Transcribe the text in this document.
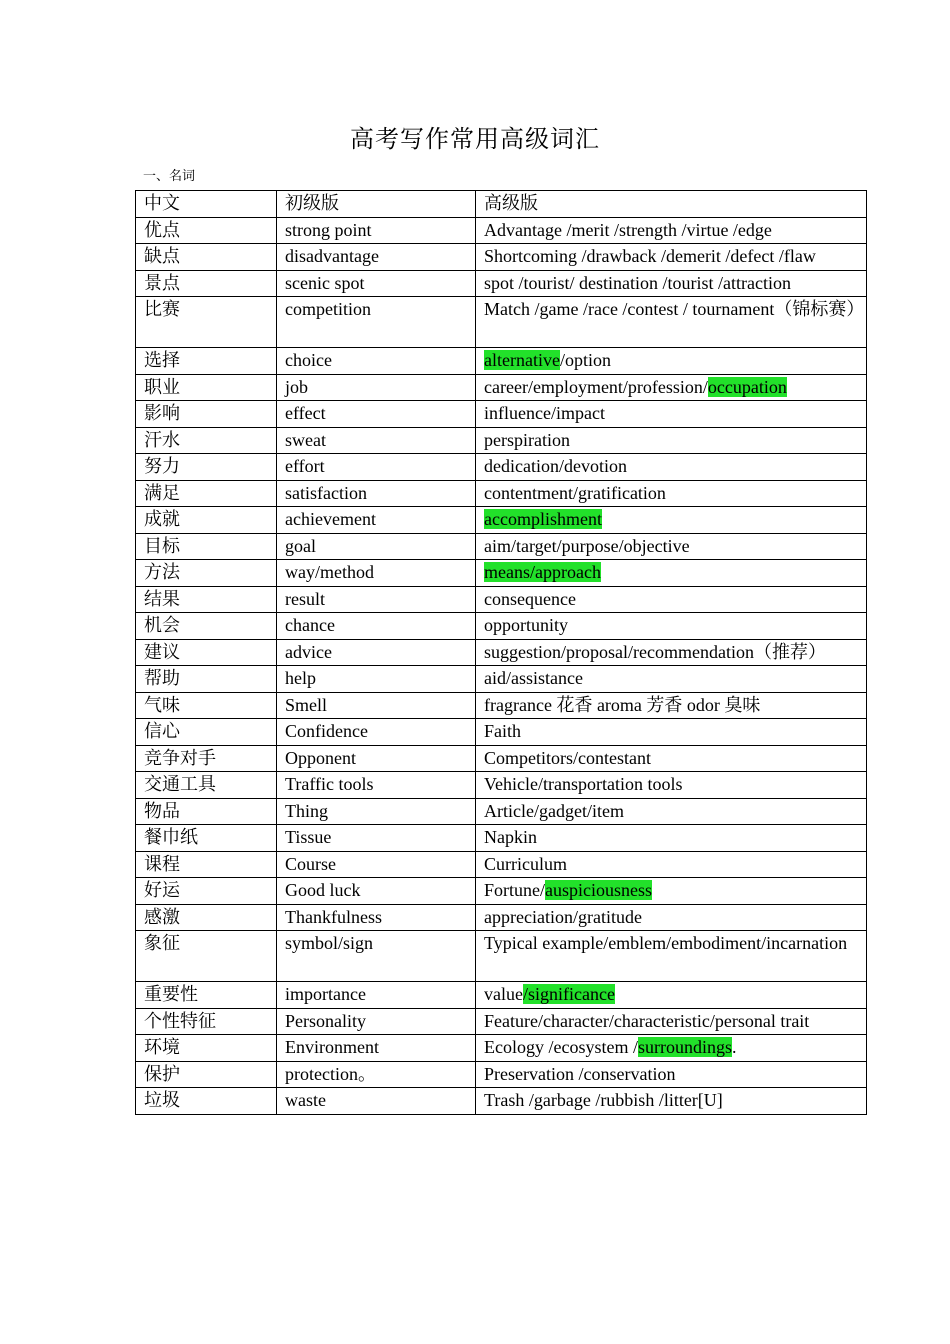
高考写作常用高级词汇
一、名词
中文	初级版	高级版
优点	strong point	Advantage /merit /strength /virtue /edge
缺点	disadvantage	Shortcoming /drawback /demerit /defect /flaw
景点	scenic spot	spot /tourist/ destination /tourist /attraction
比赛	competition	Match /game /race /contest / tournament（锦标赛）
选择	choice	alternative/option
职业	job	career/employment/profession/occupation
影响	effect	influence/impact
汗水	sweat	perspiration
努力	effort	dedication/devotion
满足	satisfaction	contentment/gratification
成就	achievement	accomplishment
目标	goal	aim/target/purpose/objective
方法	way/method	means/approach
结果	result	consequence
机会	chance	opportunity
建议	advice	suggestion/proposal/recommendation（推荐）
帮助	help	aid/assistance
气味	Smell	fragrance 花香 aroma 芳香 odor 臭味
信心	Confidence	Faith
竞争对手	Opponent	Competitors/contestant
交通工具	Traffic tools	Vehicle/transportation tools
物品	Thing	Article/gadget/item
餐巾纸	Tissue	Napkin
课程	Course	Curriculum
好运	Good luck	Fortune/auspiciousness
感激	Thankfulness	appreciation/gratitude
象征	symbol/sign	Typical example/emblem/embodiment/incarnation
重要性	importance	value/significance
个性特征	Personality	Feature/character/characteristic/personal trait
环境	Environment	Ecology /ecosystem /surroundings.
保护	protection。	Preservation /conservation
垃圾	waste	Trash /garbage /rubbish /litter[U]
